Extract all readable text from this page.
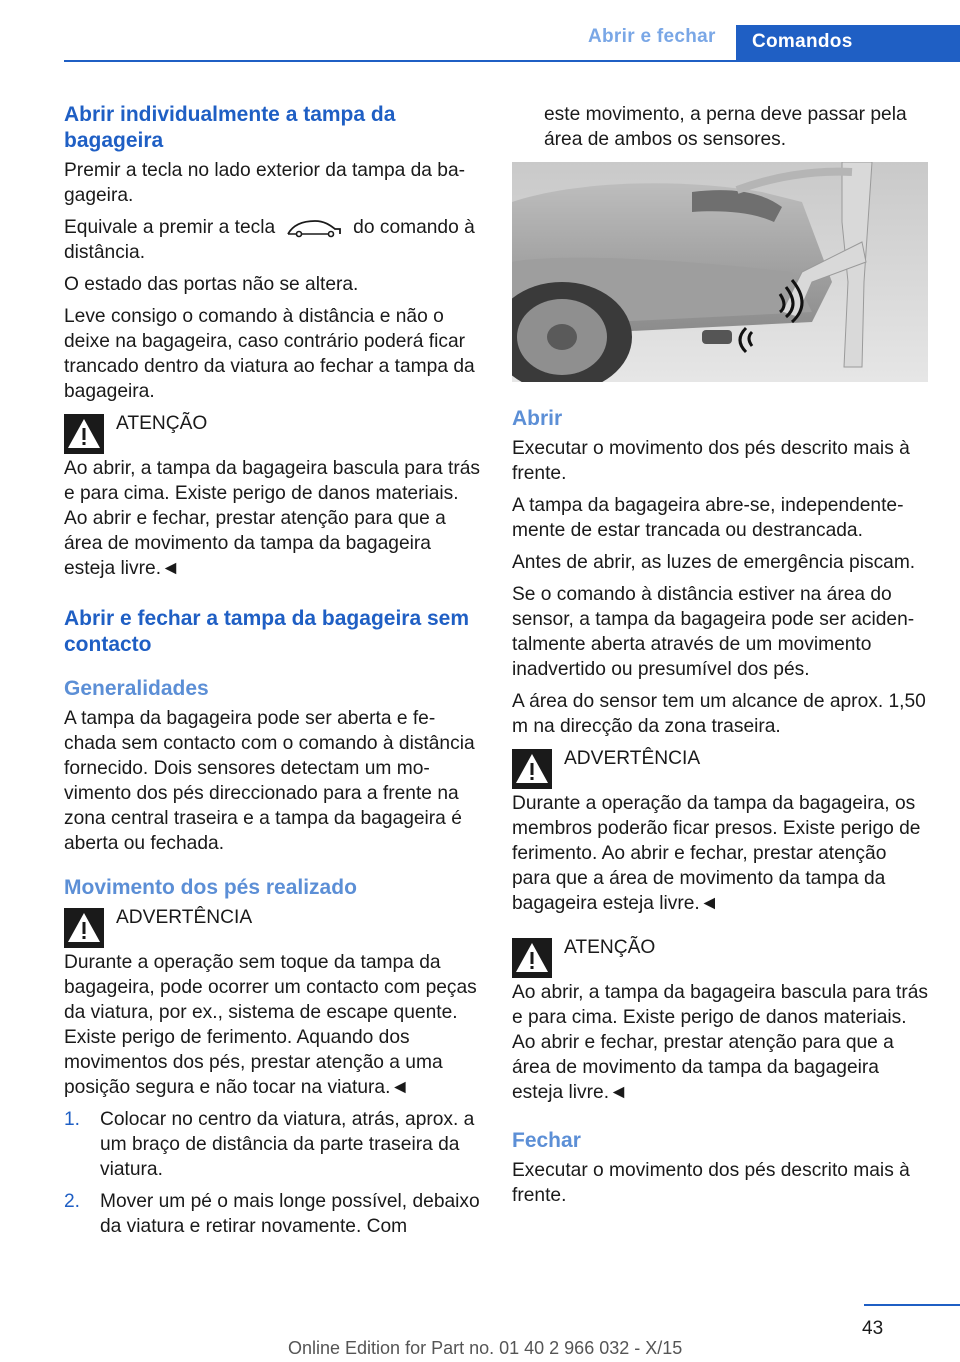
Abrir e fechar	Comandos
Abrir individualmente a tampa da bagageira

Premir a tecla no lado exterior da tampa da bagageira.

Equivale a premir a tecla	do comando à distância.

O estado das portas não se altera.

Leve consigo o comando à distância e não o deixe na bagageira, caso contrário poderá ficar trancado dentro da viatura ao fechar a tampa da bagageira.

ATENÇÃO

Ao abrir, a tampa da bagageira bascula para trás e para cima. Existe perigo de danos materiais. Ao abrir e fechar, prestar atenção para que a área de movimento da tampa da bagageira esteja livre.◄

Abrir e fechar a tampa da bagageira sem contacto
Generalidades

A tampa da bagageira pode ser aberta e fechada sem contacto com o comando à distância fornecido. Dois sensores detectam um movimento dos pés direccionado para a frente na zona central traseira e a tampa da bagageira é aberta ou fechada.

Movimento dos pés realizado
ADVERTÊNCIA

Durante a operação sem toque da tampa da bagageira, pode ocorrer um contacto com peças da viatura, por ex., sistema de escape quente. Existe perigo de ferimento. Aquando dos movimentos dos pés, prestar atenção a uma posição segura e não tocar na viatura.◄

1.	Colocar no centro da viatura, atrás, aprox. a um braço de distância da parte traseira da viatura.
2.	Mover um pé o mais longe possível, debaixo da viatura e retirar novamente. Com

este movimento, a perna deve passar pela área de ambos os sensores.

Abrir

Executar o movimento dos pés descrito mais à frente.

A tampa da bagageira abre-se, independentemente de estar trancada ou destrancada.

Antes de abrir, as luzes de emergência piscam.

Se o comando à distância estiver na área do sensor, a tampa da bagageira pode ser acidentalmente aberta através de um movimento inadvertido ou presumível dos pés.

A área do sensor tem um alcance de aprox. 1,50 m na direcção da zona traseira.

ADVERTÊNCIA

Durante a operação da tampa da bagageira, os membros poderão ficar presos. Existe perigo de ferimento. Ao abrir e fechar, prestar atenção para que a área de movimento da tampa da bagageira esteja livre.◄

ATENÇÃO

Ao abrir, a tampa da bagageira bascula para trás e para cima. Existe perigo de danos materiais. Ao abrir e fechar, prestar atenção para que a área de movimento da tampa da bagageira esteja livre.◄

Fechar

Executar o movimento dos pés descrito mais à frente.

43
Online Edition for Part no. 01 40 2 966 032 - X/15
